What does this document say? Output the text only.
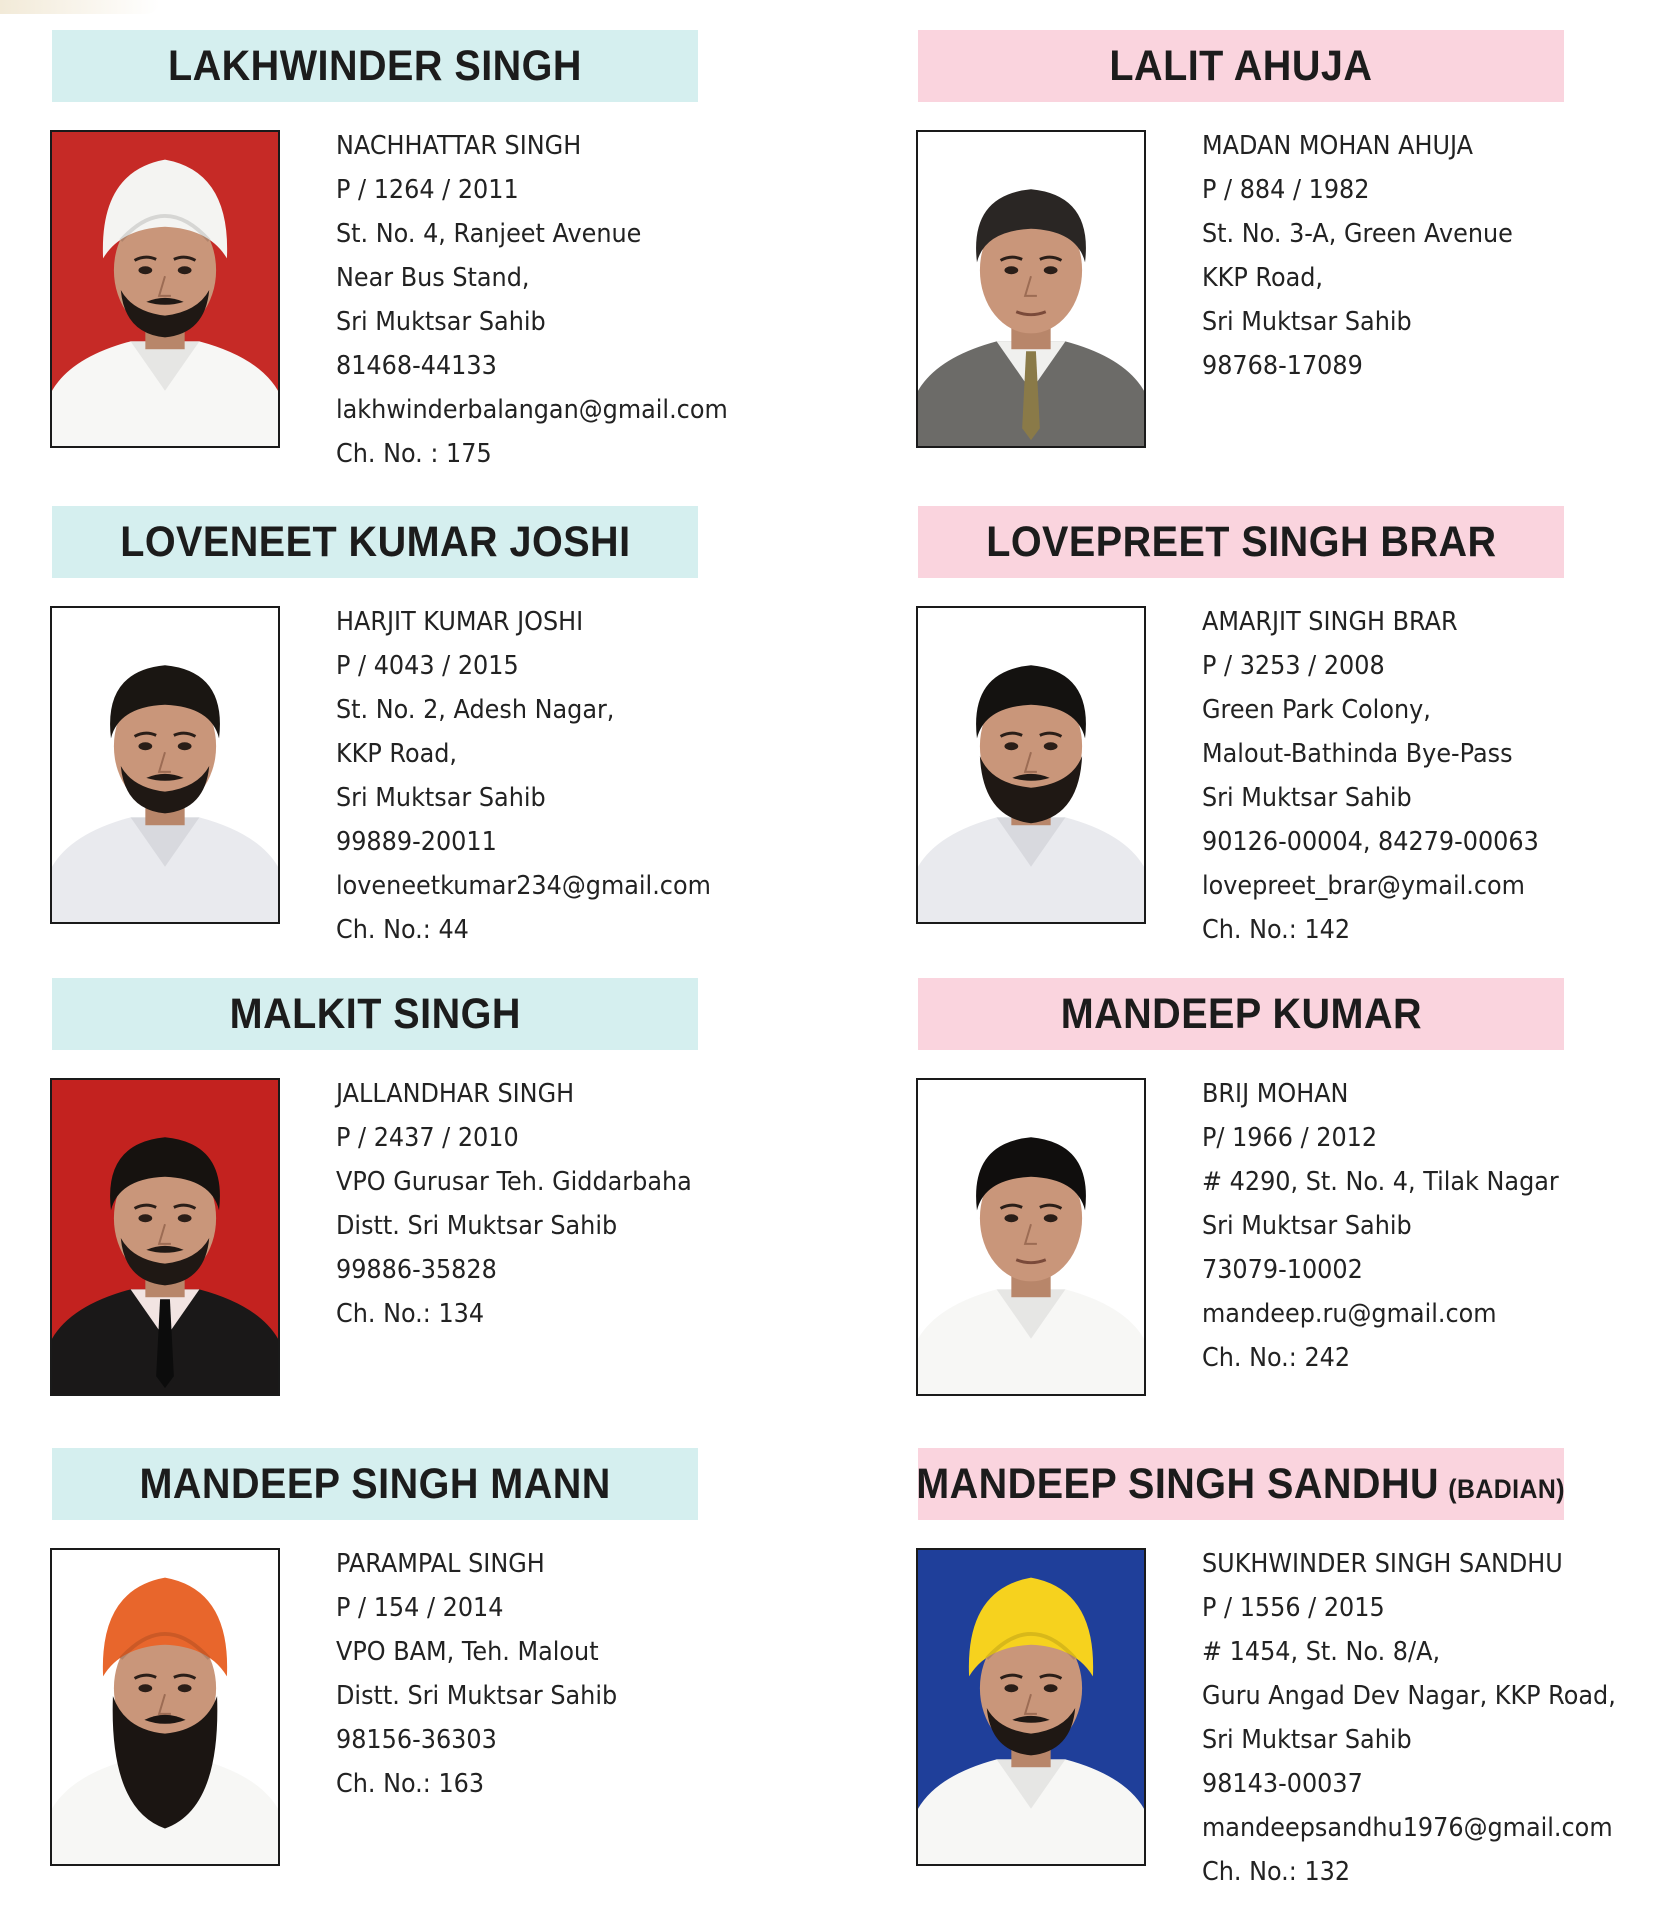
LAKHWINDER SINGH
NACHHATTAR SINGH
P / 1264 / 2011
St. No. 4, Ranjeet Avenue
Near Bus Stand,
Sri Muktsar Sahib
81468-44133
lakhwinderbalangan@gmail.com
Ch. No. : 175
LALIT AHUJA
MADAN MOHAN AHUJA
P / 884 / 1982
St. No. 3-A, Green Avenue
KKP Road,
Sri Muktsar Sahib
98768-17089
LOVENEET KUMAR JOSHI
HARJIT KUMAR JOSHI
P / 4043 / 2015
St. No. 2, Adesh Nagar,
KKP Road,
Sri Muktsar Sahib
99889-20011
loveneetkumar234@gmail.com
Ch. No.: 44
LOVEPREET SINGH BRAR
AMARJIT SINGH BRAR
P / 3253 / 2008
Green Park Colony,
Malout-Bathinda Bye-Pass
Sri Muktsar Sahib
90126-00004, 84279-00063
lovepreet_brar@ymail.com
Ch. No.: 142
MALKIT SINGH
JALLANDHAR SINGH
P / 2437 / 2010
VPO Gurusar Teh. Giddarbaha
Distt. Sri Muktsar Sahib
99886-35828
Ch. No.: 134
MANDEEP KUMAR
BRIJ MOHAN
P/ 1966 / 2012
# 4290, St. No. 4, Tilak Nagar
Sri Muktsar Sahib
73079-10002
mandeep.ru@gmail.com
Ch. No.: 242
MANDEEP SINGH MANN
PARAMPAL SINGH
P / 154 / 2014
VPO BAM, Teh. Malout
Distt. Sri Muktsar Sahib
98156-36303
Ch. No.: 163
MANDEEP SINGH SANDHU (BADIAN)
SUKHWINDER SINGH SANDHU
P / 1556 / 2015
# 1454, St. No. 8/A,
Guru Angad Dev Nagar, KKP Road,
Sri Muktsar Sahib
98143-00037
mandeepsandhu1976@gmail.com
Ch. No.: 132
